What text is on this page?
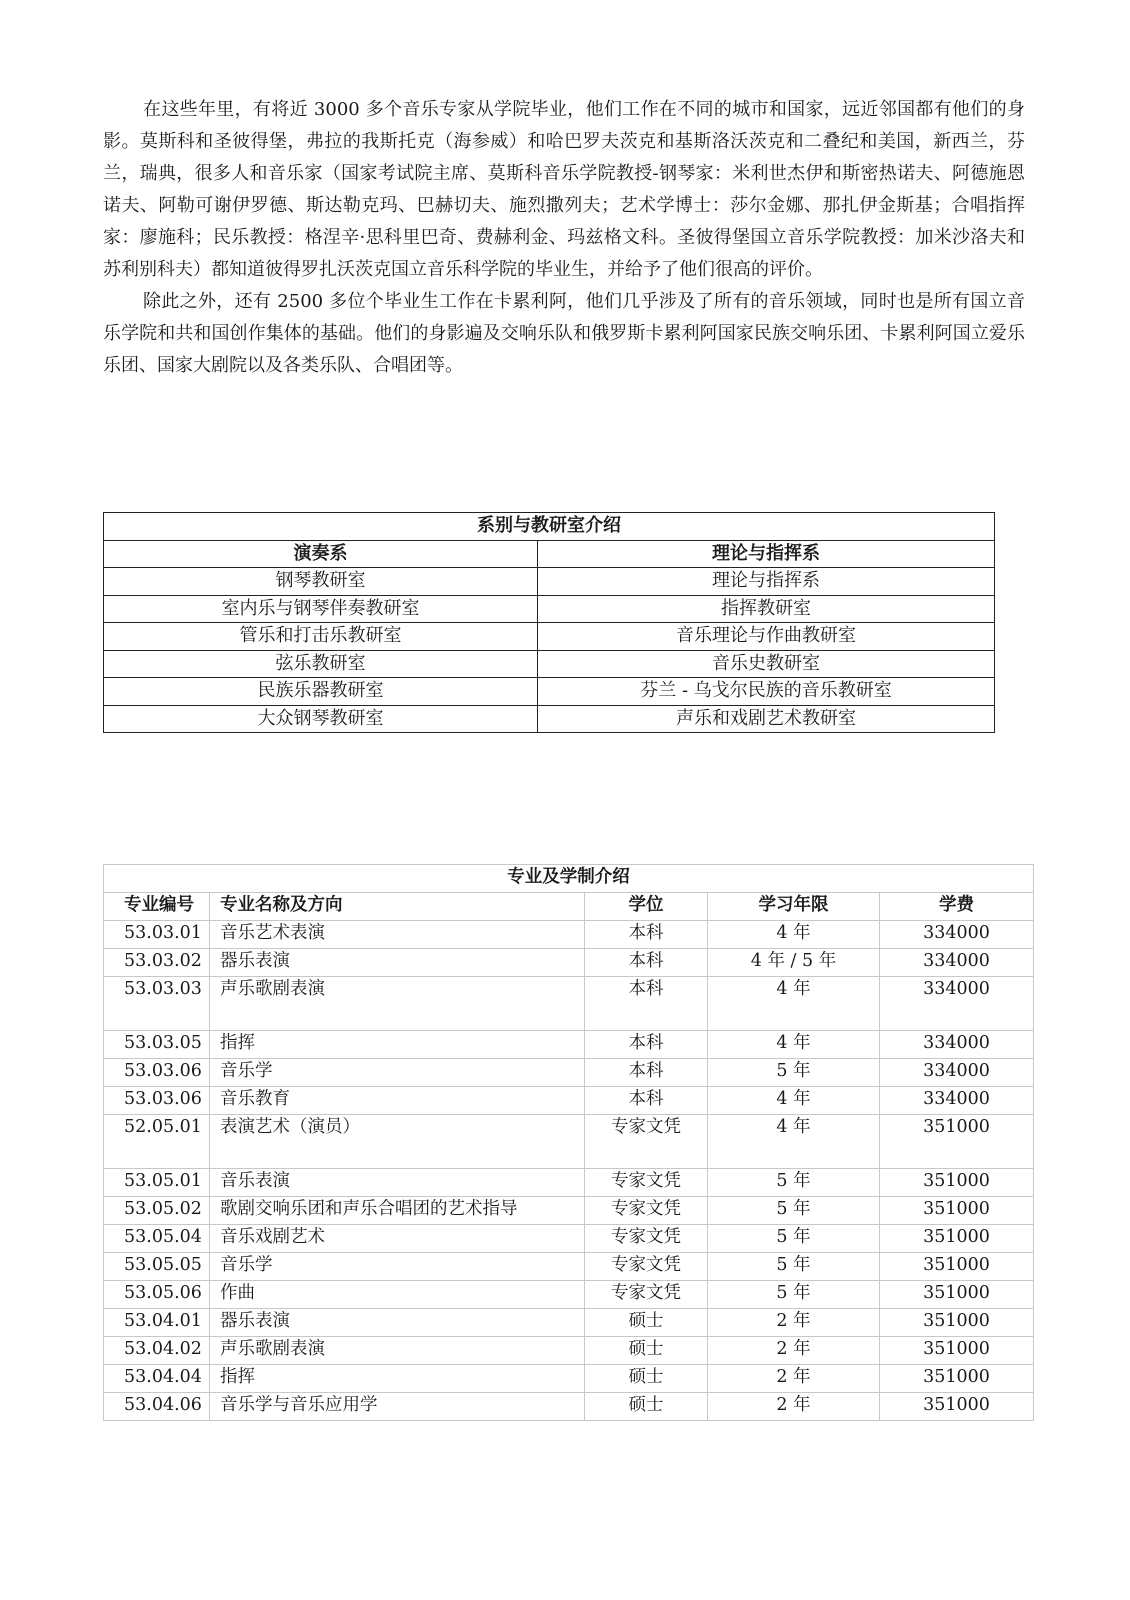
在这些年里，有将近 3000 多个音乐专家从学院毕业，他们工作在不同的城市和国家，远近邻国都有他们的身影。莫斯科和圣彼得堡，弗拉的我斯托克（海参威）和哈巴罗夫茨克和基斯洛沃茨克和二叠纪和美国，新西兰，芬兰，瑞典，很多人和音乐家（国家考试院主席、莫斯科音乐学院教授-钢琴家：米利世杰伊和斯密热诺夫、阿德施恩诺夫、阿勒可谢伊罗德、斯达勒克玛、巴赫切夫、施烈撒列夫；艺术学博士：莎尔金娜、那扎伊金斯基；合唱指挥家：廖施科；民乐教授：格涅辛·思科里巴奇、费赫利金、玛兹格文科。圣彼得堡国立音乐学院教授：加米沙洛夫和苏利别科夫）都知道彼得罗扎沃茨克国立音乐科学院的毕业生，并给予了他们很高的评价。

除此之外，还有 2500 多位个毕业生工作在卡累利阿，他们几乎涉及了所有的音乐领域，同时也是所有国立音乐学院和共和国创作集体的基础。他们的身影遍及交响乐队和俄罗斯卡累利阿国家民族交响乐团、卡累利阿国立爱乐乐团、国家大剧院以及各类乐队、合唱团等。

系别与教研室介绍	
演奏系	理论与指挥系
钢琴教研室	理论与指挥系
室内乐与钢琴伴奏教研室	指挥教研室
管乐和打击乐教研室	音乐理论与作曲教研室
弦乐教研室	音乐史教研室
民族乐器教研室	芬兰 - 乌戈尔民族的音乐教研室
大众钢琴教研室	声乐和戏剧艺术教研室
专业及学制介绍				
专业编号	专业名称及方向	学位	学习年限	学费
53.03.01	音乐艺术表演	本科	4 年	334000
53.03.02	器乐表演	本科	4 年 / 5 年	334000
53.03.03	声乐歌剧表演	本科	4 年	334000
53.03.05	指挥	本科	4 年	334000
53.03.06	音乐学	本科	5 年	334000
53.03.06	音乐教育	本科	4 年	334000
52.05.01	表演艺术（演员）	专家文凭	4 年	351000
53.05.01	音乐表演	专家文凭	5 年	351000
53.05.02	歌剧交响乐团和声乐合唱团的艺术指导	专家文凭	5 年	351000
53.05.04	音乐戏剧艺术	专家文凭	5 年	351000
53.05.05	音乐学	专家文凭	5 年	351000
53.05.06	作曲	专家文凭	5 年	351000
53.04.01	器乐表演	硕士	2 年	351000
53.04.02	声乐歌剧表演	硕士	2 年	351000
53.04.04	指挥	硕士	2 年	351000
53.04.06	音乐学与音乐应用学	硕士	2 年	351000
